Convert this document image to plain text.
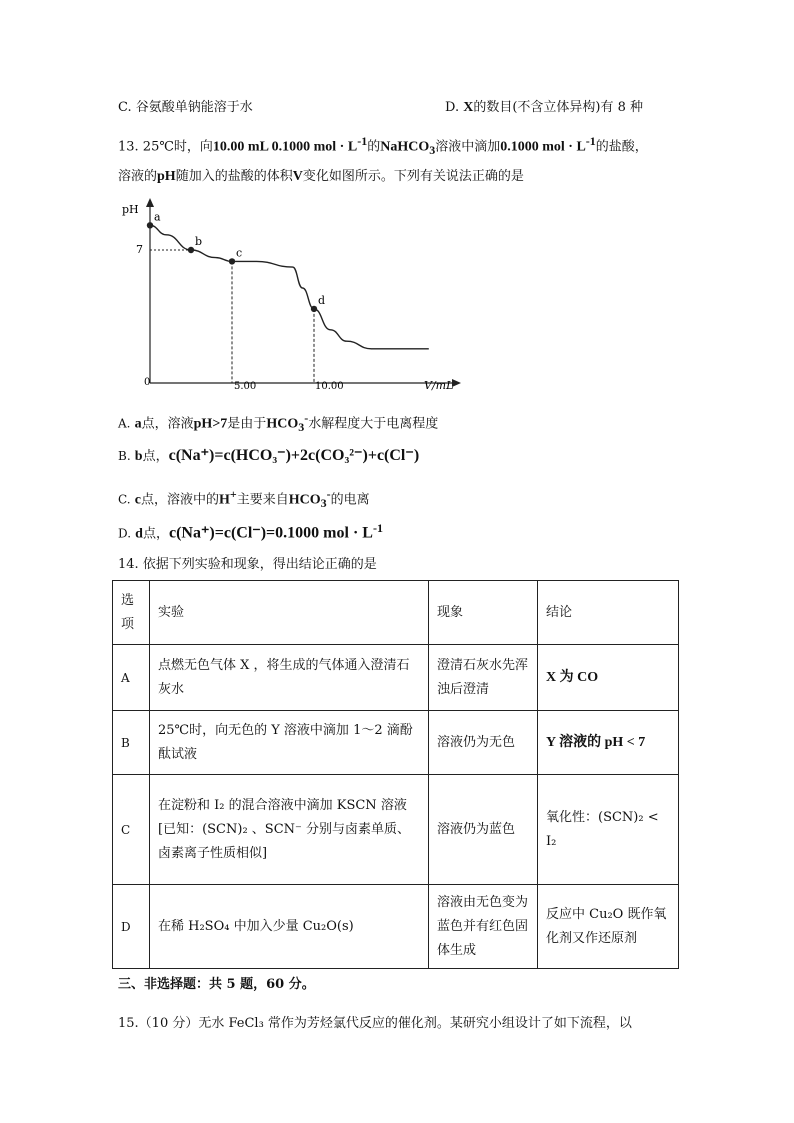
C. 谷氨酸单钠能溶于水	D. X的数目(不含立体异构)有 8 种
13. 25℃时，向10.00 mL 0.1000 mol · $L^{-1}$的NaHCO$_3$溶液中滴加0.1000 mol · $L^{-1}$的盐酸，
溶液的pH随加入的盐酸的体积V变化如图所示。下列有关说法正确的是
pH
V/mL
0	5.00	10.00
7
a
b
c
d
A. a点，溶液pH>7是由于$HCO_3^-$水解程度大于电离程度
B. b点，c(Na⁺)=c(HCO₃⁻)+2c(CO₃²⁻)+c(Cl⁻)
C. c点，溶液中的H+主要来自$HCO_3^-$的电离
D. d点，c(Na⁺)=c(Cl⁻)=0.1000 mol · $L^{-1}$
14. 依据下列实验和现象，得出结论正确的是
选项	实验	现象	结论
A	点燃无色气体 X ，将生成的气体通入澄清石灰水	澄清石灰水先浑浊后澄清	X 为 CO
B	25℃时，向无色的 Y 溶液中滴加 1～2 滴酚酞试液	溶液仍为无色	Y 溶液的 pH < 7
C	在淀粉和 I₂ 的混合溶液中滴加 KSCN 溶液 [已知：(SCN)₂ 、SCN⁻ 分别与卤素单质、卤素离子性质相似]	溶液仍为蓝色	氧化性：(SCN)₂ < I₂
D	在稀 H₂SO₄ 中加入少量 Cu₂O(s)	溶液由无色变为蓝色并有红色固体生成	反应中 Cu₂O 既作氧化剂又作还原剂
三、非选择题：共 5 题，60 分。
15.（10 分）无水 FeCl₃ 常作为芳烃氯代反应的催化剂。某研究小组设计了如下流程，以
